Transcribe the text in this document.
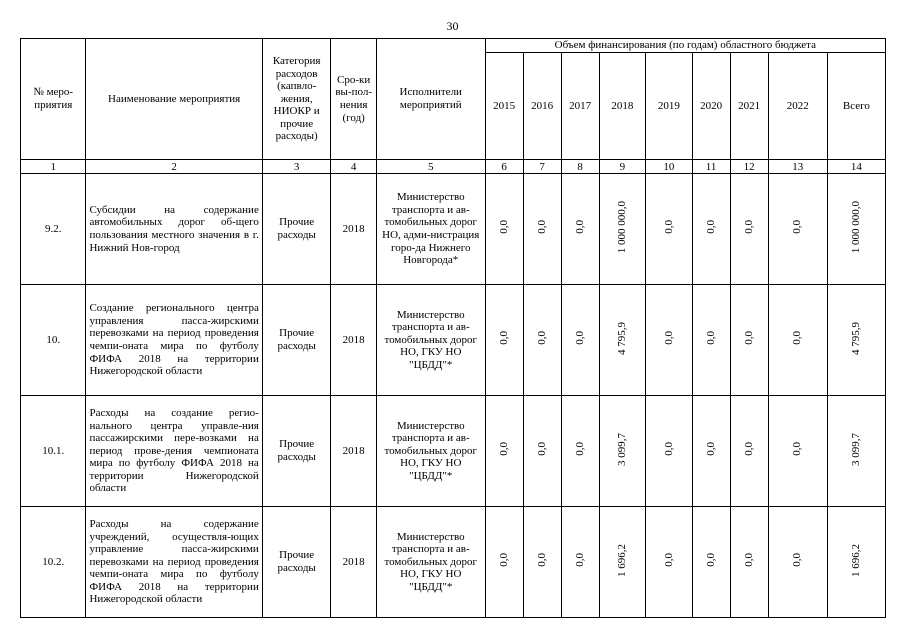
30
№ меро-приятия	Наименование мероприятия	Категория расходов (капвло-жения, НИОКР и прочие расходы)	Сро-ки вы-пол-нения (год)	Исполнители мероприятий	Объем финансирования (по годам) областного бюджета								
					2015	2016	2017	2018	2019	2020	2021	2022	Всего
1	2	3	4	5	6	7	8	9	10	11	12	13	14
9.2.	Субсидии на содержание автомобильных дорог об-щего пользования местного значения в г. Нижний Нов-город	Прочие расходы	2018	Министерство транспорта и ав-томобильных дорог НО, адми-нистрация горо-да Нижнего Новгорода*	0,0	0,0	0,0	1 000 000,0	0,0	0,0	0,0	0,0	1 000 000,0
10.	Создание регионального центра управления пасса-жирскими перевозками на период проведения чемпи-оната мира по футболу ФИФА 2018 на территории Нижегородской области	Прочие расходы	2018	Министерство транспорта и ав-томобильных дорог НО, ГКУ НО "ЦБДД"*	0,0	0,0	0,0	4 795,9	0,0	0,0	0,0	0,0	4 795,9
10.1.	Расходы на создание регио-нального центра управле-ния пассажирскими пере-возками на период прове-дения чемпионата мира по футболу ФИФА 2018 на территории Нижегородской области	Прочие расходы	2018	Министерство транспорта и ав-томобильных дорог НО, ГКУ НО "ЦБДД"*	0,0	0,0	0,0	3 099,7	0,0	0,0	0,0	0,0	3 099,7
10.2.	Расходы на содержание учреждений, осуществля-ющих управление пасса-жирскими перевозками на период проведения чемпи-оната мира по футболу ФИФА 2018 на территории Нижегородской области	Прочие расходы	2018	Министерство транспорта и ав-томобильных дорог НО, ГКУ НО "ЦБДД"*	0,0	0,0	0,0	1 696,2	0,0	0,0	0,0	0,0	1 696,2
